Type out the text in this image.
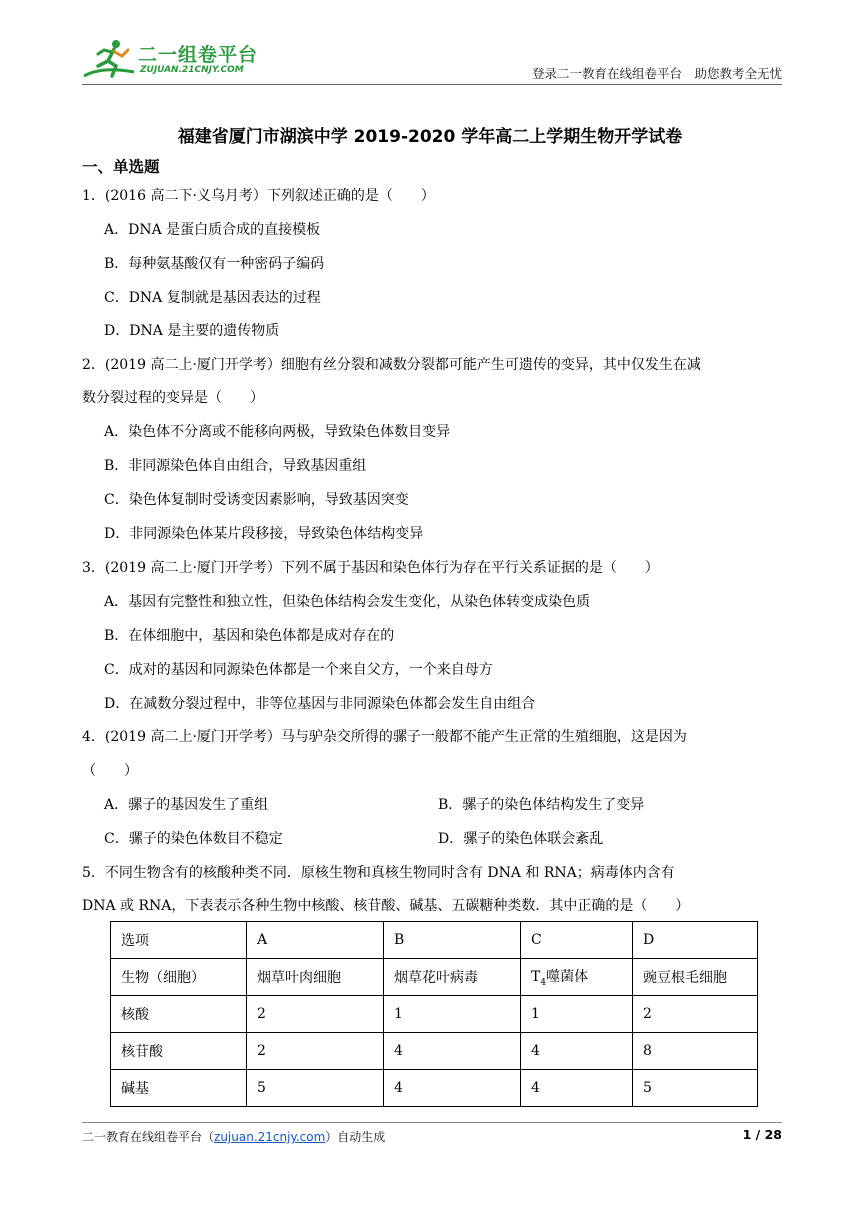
二一组卷平台
ZUJUAN.21CNJY.COM	登录二一教育在线组卷平台　助您教考全无忧
福建省厦门市湖滨中学 2019-2020 学年高二上学期生物开学试卷
一、单选题
1．(2016 高二下·义乌月考）下列叙述正确的是（　　）
A．DNA 是蛋白质合成的直接模板
B．每种氨基酸仅有一种密码子编码
C．DNA 复制就是基因表达的过程
D．DNA 是主要的遗传物质
2．(2019 高二上·厦门开学考）细胞有丝分裂和减数分裂都可能产生可遗传的变异，其中仅发生在减
数分裂过程的变异是（　　）
A．染色体不分离或不能移向两极，导致染色体数目变异
B．非同源染色体自由组合，导致基因重组
C．染色体复制时受诱变因素影响，导致基因突变
D．非同源染色体某片段移接，导致染色体结构变异
3．(2019 高二上·厦门开学考）下列不属于基因和染色体行为存在平行关系证据的是（　　）
A．基因有完整性和独立性，但染色体结构会发生变化，从染色体转变成染色质
B．在体细胞中，基因和染色体都是成对存在的
C．成对的基因和同源染色体都是一个来自父方，一个来自母方
D．在减数分裂过程中，非等位基因与非同源染色体都会发生自由组合
4．(2019 高二上·厦门开学考）马与驴杂交所得的骡子一般都不能产生正常的生殖细胞，这是因为
（　　）
A．骡子的基因发生了重组	B．骡子的染色体结构发生了变异
C．骡子的染色体数目不稳定	D．骡子的染色体联会紊乱
5．不同生物含有的核酸种类不同．原核生物和真核生物同时含有 DNA 和 RNA；病毒体内含有
DNA 或 RNA，下表表示各种生物中核酸、核苷酸、碱基、五碳糖种类数．其中正确的是（　　）
选项	A	B	C	D
生物（细胞）	烟草叶肉细胞	烟草花叶病毒	$T_4$噬菌体	豌豆根毛细胞
核酸	2	1	1	2
核苷酸	2	4	4	8
碱基	5	4	4	5
二一教育在线组卷平台（zujuan.21cnjy.com）自动生成	1 / 28
